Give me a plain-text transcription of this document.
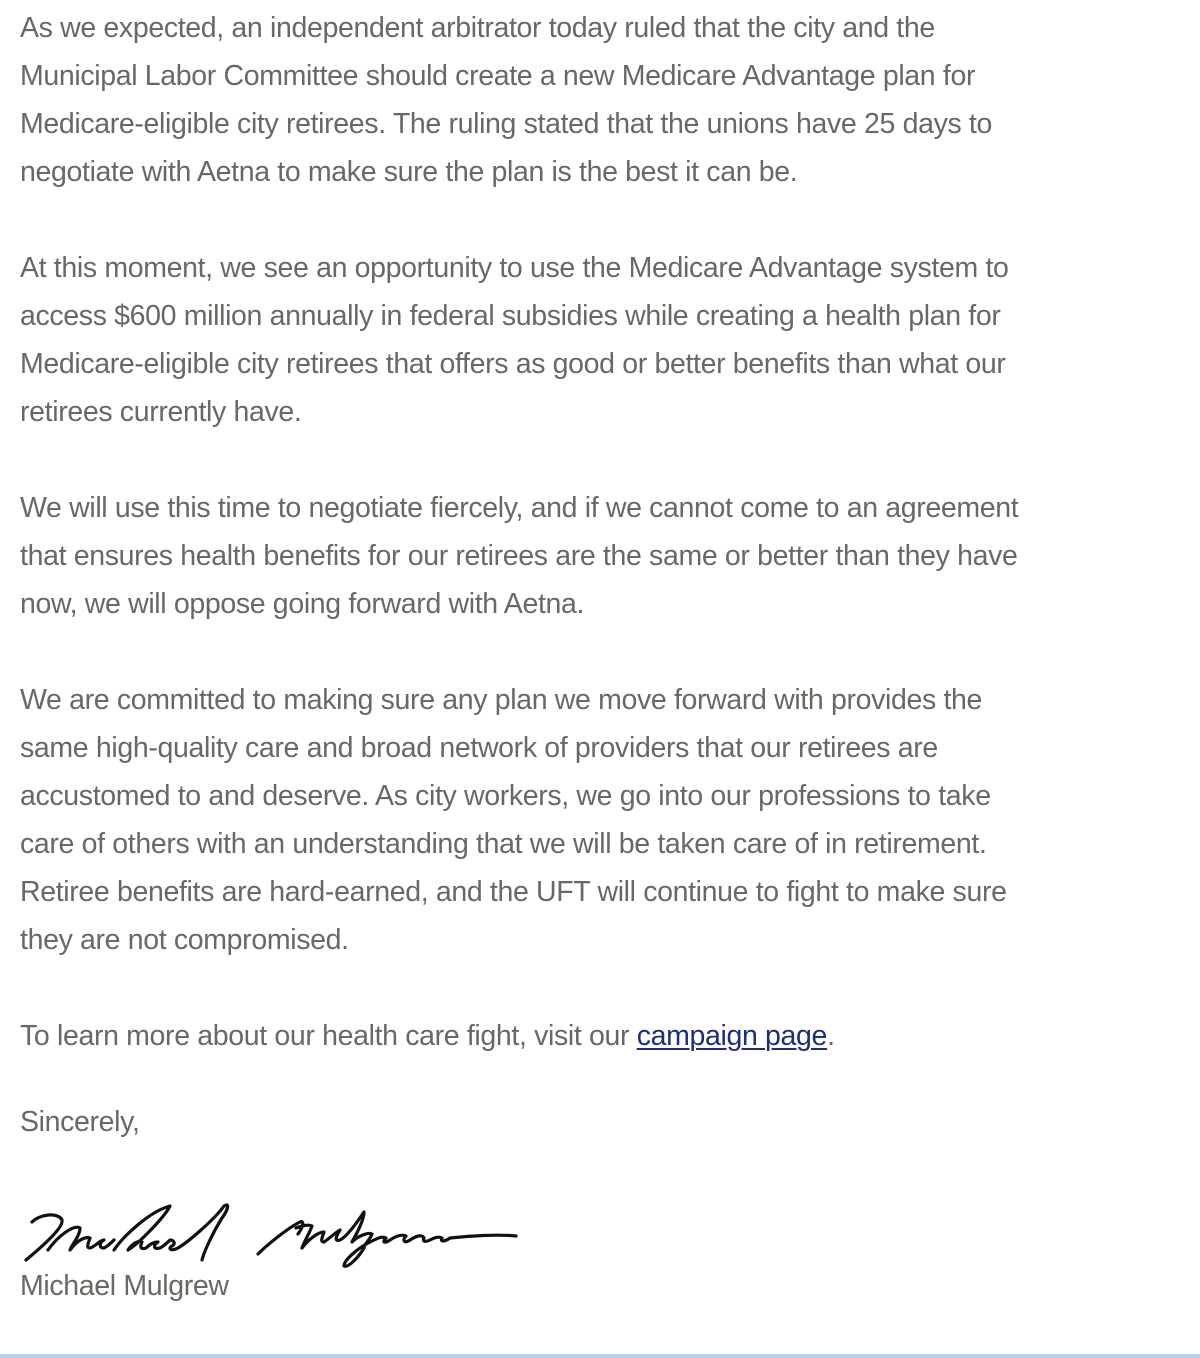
As we expected, an independent arbitrator today ruled that the city and the
Municipal Labor Committee should create a new Medicare Advantage plan for
Medicare-eligible city retirees. The ruling stated that the unions have 25 days to
negotiate with Aetna to make sure the plan is the best it can be.

At this moment, we see an opportunity to use the Medicare Advantage system to
access $600 million annually in federal subsidies while creating a health plan for
Medicare-eligible city retirees that offers as good or better benefits than what our
retirees currently have.

We will use this time to negotiate fiercely, and if we cannot come to an agreement
that ensures health benefits for our retirees are the same or better than they have
now, we will oppose going forward with Aetna.

We are committed to making sure any plan we move forward with provides the
same high-quality care and broad network of providers that our retirees are
accustomed to and deserve. As city workers, we go into our professions to take
care of others with an understanding that we will be taken care of in retirement.
Retiree benefits are hard-earned, and the UFT will continue to fight to make sure
they are not compromised.

To learn more about our health care fight, visit our campaign page.

Sincerely,

Michael Mulgrew
